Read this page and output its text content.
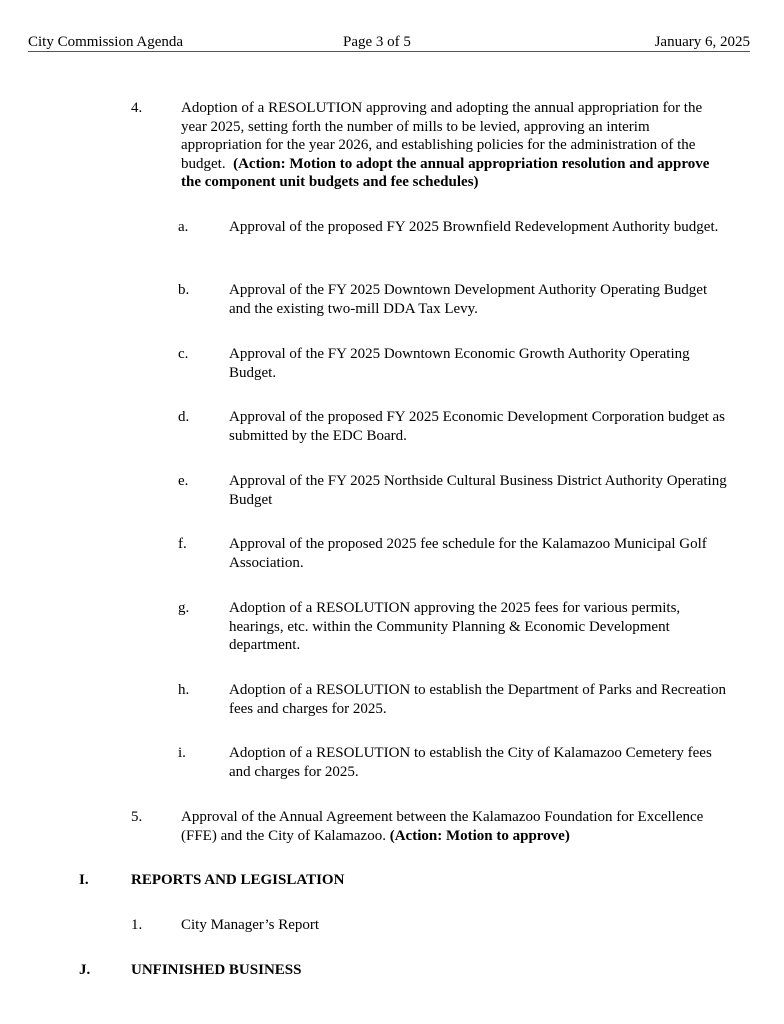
City Commission Agenda	Page 3 of 5	January 6, 2025
4.	Adoption of a RESOLUTION approving and adopting the annual appropriation for the year 2025, setting forth the number of mills to be levied, approving an interim appropriation for the year 2026, and establishing policies for the administration of the budget. (Action: Motion to adopt the annual appropriation resolution and approve the component unit budgets and fee schedules)
a.	Approval of the proposed FY 2025 Brownfield Redevelopment Authority budget.
b.	Approval of the FY 2025 Downtown Development Authority Operating Budget and the existing two-mill DDA Tax Levy.
c.	Approval of the FY 2025 Downtown Economic Growth Authority Operating Budget.
d.	Approval of the proposed FY 2025 Economic Development Corporation budget as submitted by the EDC Board.
e.	Approval of the FY 2025 Northside Cultural Business District Authority Operating Budget
f.	Approval of the proposed 2025 fee schedule for the Kalamazoo Municipal Golf Association.
g.	Adoption of a RESOLUTION approving the 2025 fees for various permits, hearings, etc. within the Community Planning & Economic Development department.
h.	Adoption of a RESOLUTION to establish the Department of Parks and Recreation fees and charges for 2025.
i.	Adoption of a RESOLUTION to establish the City of Kalamazoo Cemetery fees and charges for 2025.
5.	Approval of the Annual Agreement between the Kalamazoo Foundation for Excellence (FFE) and the City of Kalamazoo. (Action: Motion to approve)
I.	REPORTS AND LEGISLATION
1.	City Manager’s Report
J.	UNFINISHED BUSINESS
